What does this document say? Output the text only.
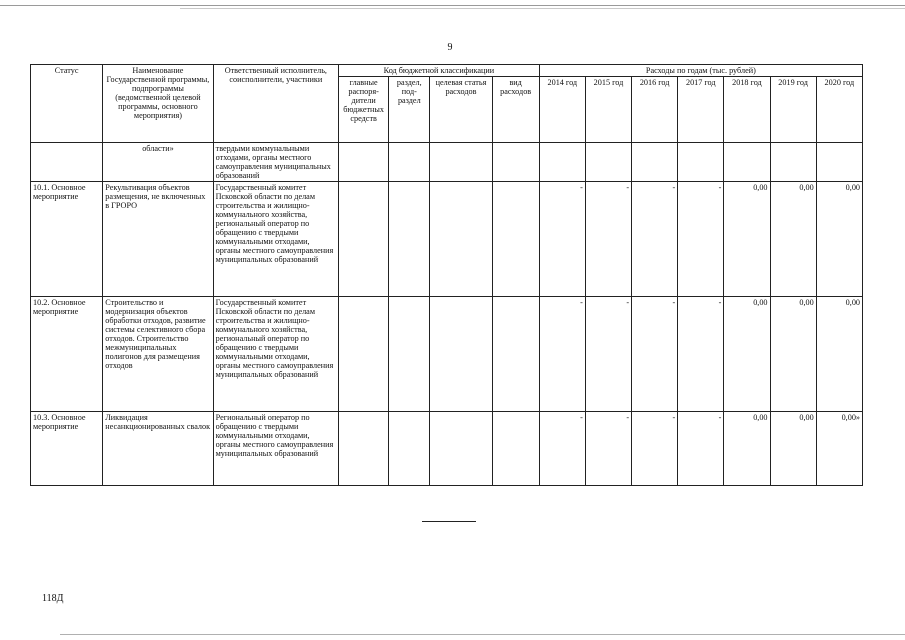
9
Статус	Наименование Государственной программы, подпрограммы (ведомственной целевой программы, основного мероприятия)	Ответственный исполнитель, соисполнители, участники	Код бюджетной классификации				Расходы по годам (тыс. рублей)						
			главные распоря-дители бюджетных средств	раздел, под-раздел	целевая статья расходов	вид расходов	2014 год	2015 год	2016 год	2017 год	2018 год	2019 год	2020 год
	области»	твердыми коммунальными отходами, органы местного самоуправления муниципальных образований											
10.1. Основное мероприятие	Рекультивация объектов размещения, не включенных в ГРОРО	Государственный комитет Псковской области по делам строительства и жилищно-коммунального хозяйства, региональный оператор по обращению с твердыми коммунальными отходами, органы местного самоуправления муниципальных образований					-	-	-	-	0,00	0,00	0,00
10.2. Основное мероприятие	Строительство и модернизация объектов обработки отходов, развитие системы селективного сбора отходов. Строительство межмуниципальных полигонов для размещения отходов	Государственный комитет Псковской области по делам строительства и жилищно-коммунального хозяйства, региональный оператор по обращению с твердыми коммунальными отходами, органы местного самоуправления муниципальных образований					-	-	-	-	0,00	0,00	0,00
10.3. Основное мероприятие	Ликвидация несанкционированных свалок	Региональный оператор по обращению с твердыми коммунальными отходами, органы местного самоуправления муниципальных образований					-	-	-	-	0,00	0,00	0,00»
118Д
